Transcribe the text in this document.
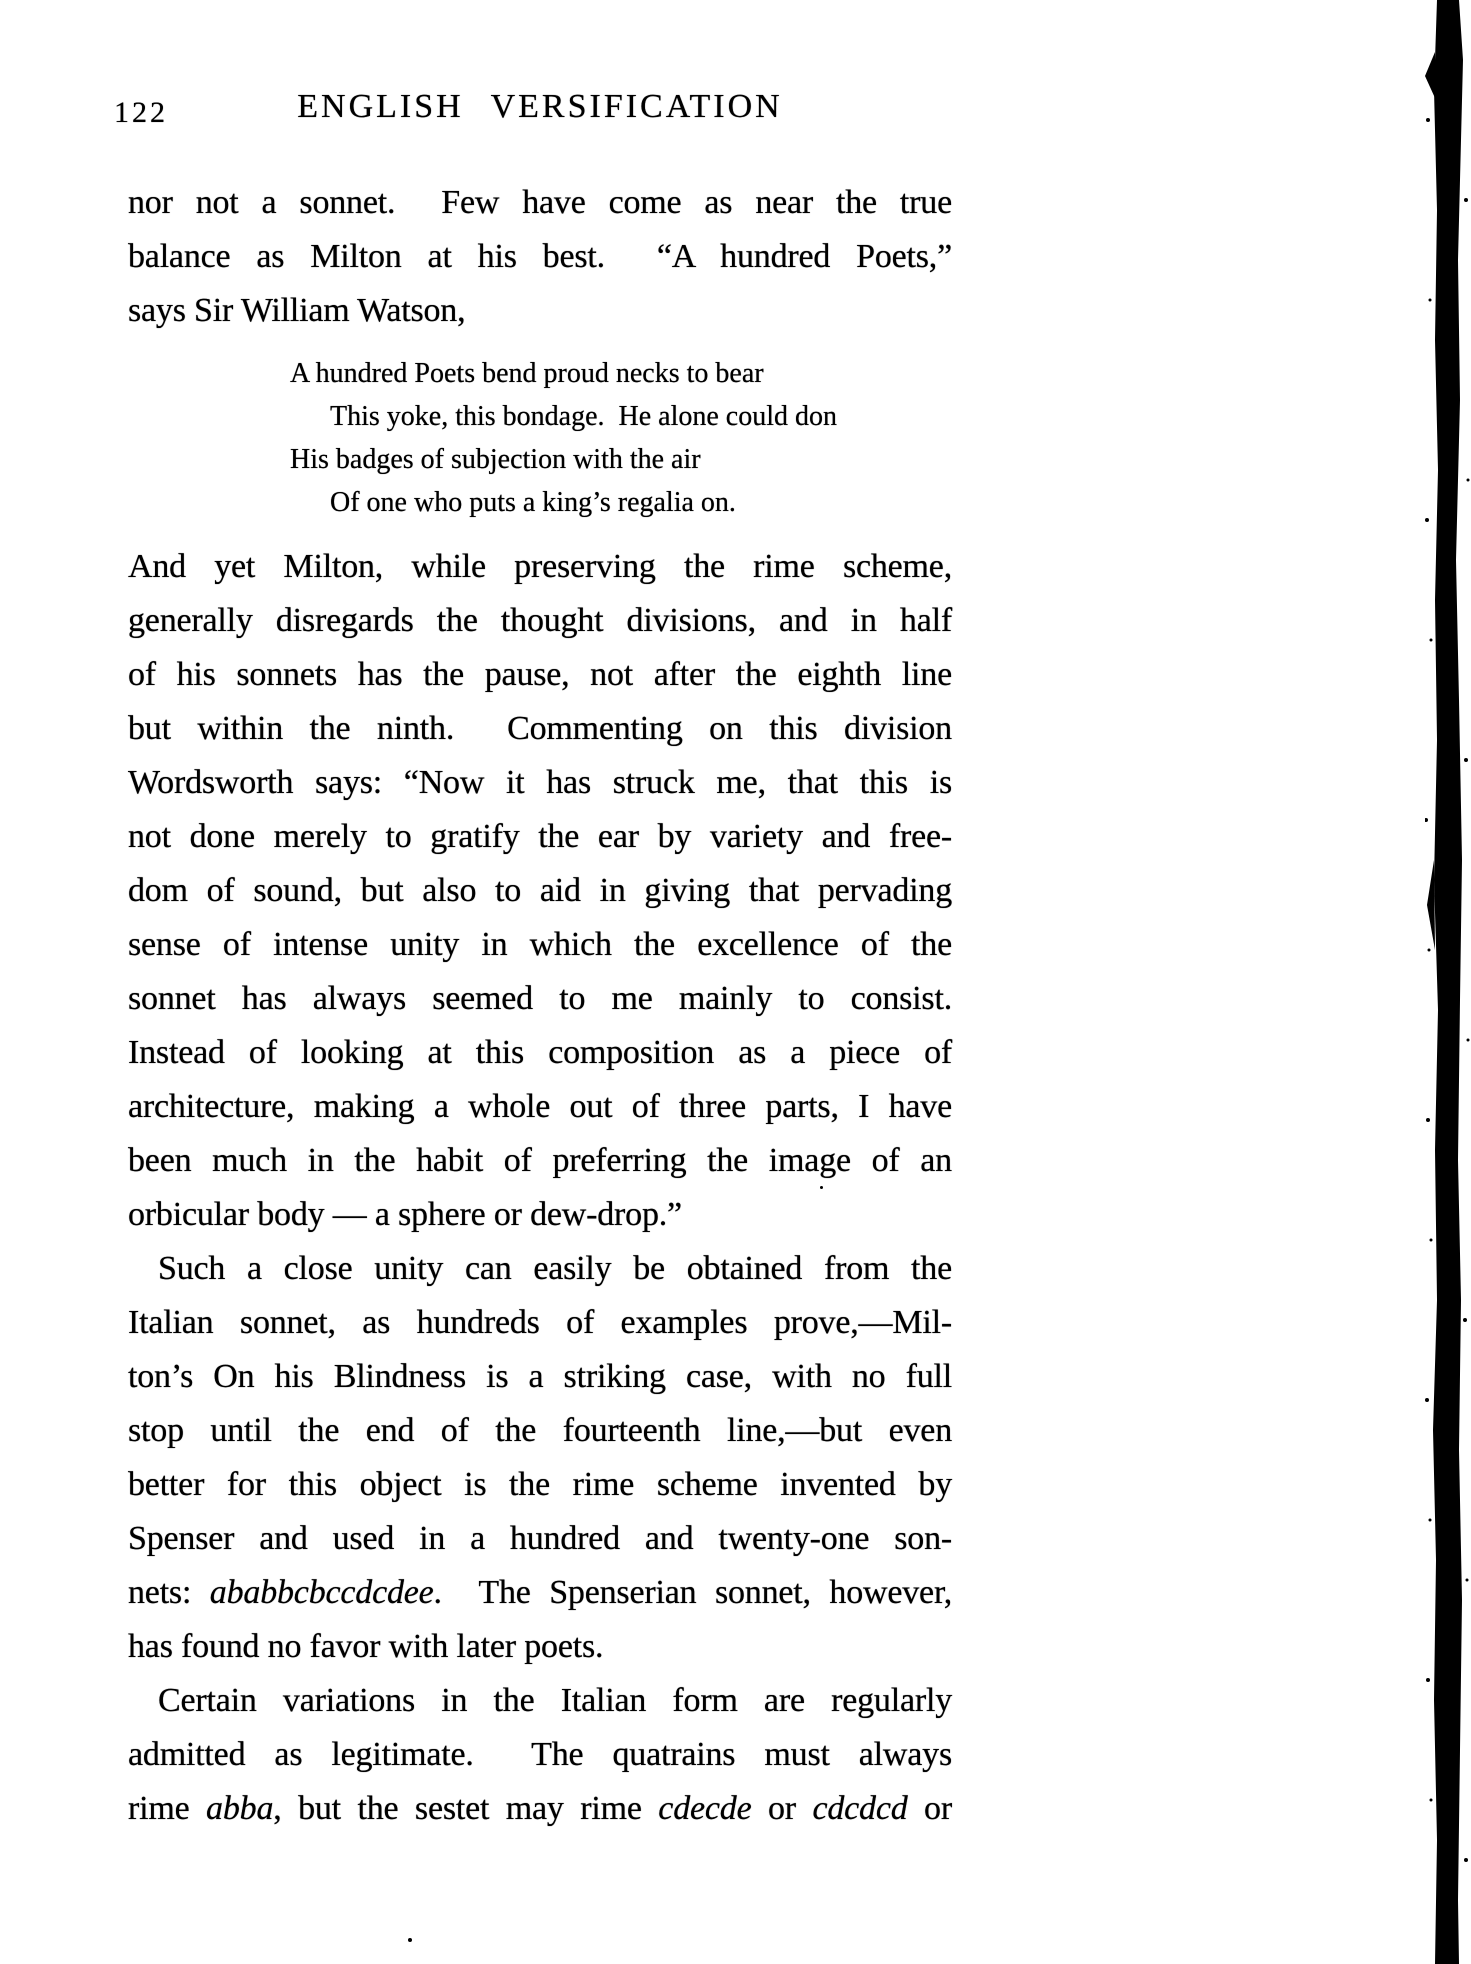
122	ENGLISH VERSIFICATION
nor not a sonnet.  Few have come as near the true
balance as Milton at his best.  “A hundred Poets,”
says Sir William Watson,
A hundred Poets bend proud necks to bear
This yoke, this bondage.  He alone could don
His badges of subjection with the air
Of one who puts a king’s regalia on.
And yet Milton, while preserving the rime scheme,
generally disregards the thought divisions, and in half
of his sonnets has the pause, not after the eighth line
but within the ninth.  Commenting on this division
Wordsworth says: “Now it has struck me, that this is
not done merely to gratify the ear by variety and free-
dom of sound, but also to aid in giving that pervading
sense of intense unity in which the excellence of the
sonnet has always seemed to me mainly to consist.
Instead of looking at this composition as a piece of
architecture, making a whole out of three parts, I have
been much in the habit of preferring the image of an
orbicular body — a sphere or dew-drop.”
Such a close unity can easily be obtained from the
Italian sonnet, as hundreds of examples prove,—Mil-
ton’s On his Blindness is a striking case, with no full
stop until the end of the fourteenth line,—but even
better for this object is the rime scheme invented by
Spenser and used in a hundred and twenty-one son-
nets: ababbcbccdcdee.  The Spenserian sonnet, however,
has found no favor with later poets.
Certain variations in the Italian form are regularly
admitted as legitimate.  The quatrains must always
rime abba, but the sestet may rime cdecde or cdcdcd or
